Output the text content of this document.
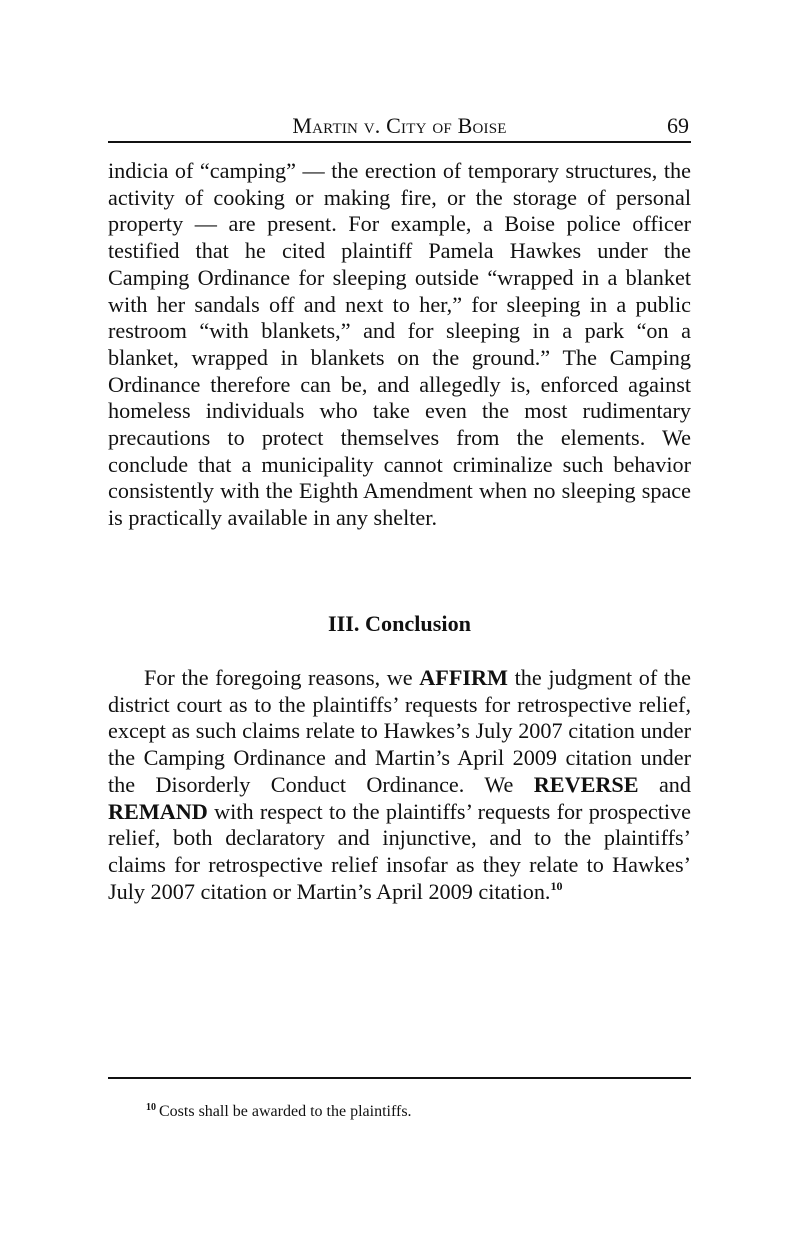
Martin v. City of Boise	69

indicia of “camping” — the erection of temporary structures, the activity of cooking or making fire, or the storage of personal property — are present. For example, a Boise police officer testified that he cited plaintiff Pamela Hawkes under the Camping Ordinance for sleeping outside “wrapped in a blanket with her sandals off and next to her,” for sleeping in a public restroom “with blankets,” and for sleeping in a park “on a blanket, wrapped in blankets on the ground.” The Camping Ordinance therefore can be, and allegedly is, enforced against homeless individuals who take even the most rudimentary precautions to protect themselves from the elements. We conclude that a municipality cannot criminalize such behavior consistently with the Eighth Amendment when no sleeping space is practically available in any shelter.

III. Conclusion

For the foregoing reasons, we AFFIRM the judgment of the district court as to the plaintiffs’ requests for retrospective relief, except as such claims relate to Hawkes’s July 2007 citation under the Camping Ordinance and Martin’s April 2009 citation under the Disorderly Conduct Ordinance. We REVERSE and REMAND with respect to the plaintiffs’ requests for prospective relief, both declaratory and injunctive, and to the plaintiffs’ claims for retrospective relief insofar as they relate to Hawkes’ July 2007 citation or Martin’s April 2009 citation.$^{10}$

$^{10}$ Costs shall be awarded to the plaintiffs.
